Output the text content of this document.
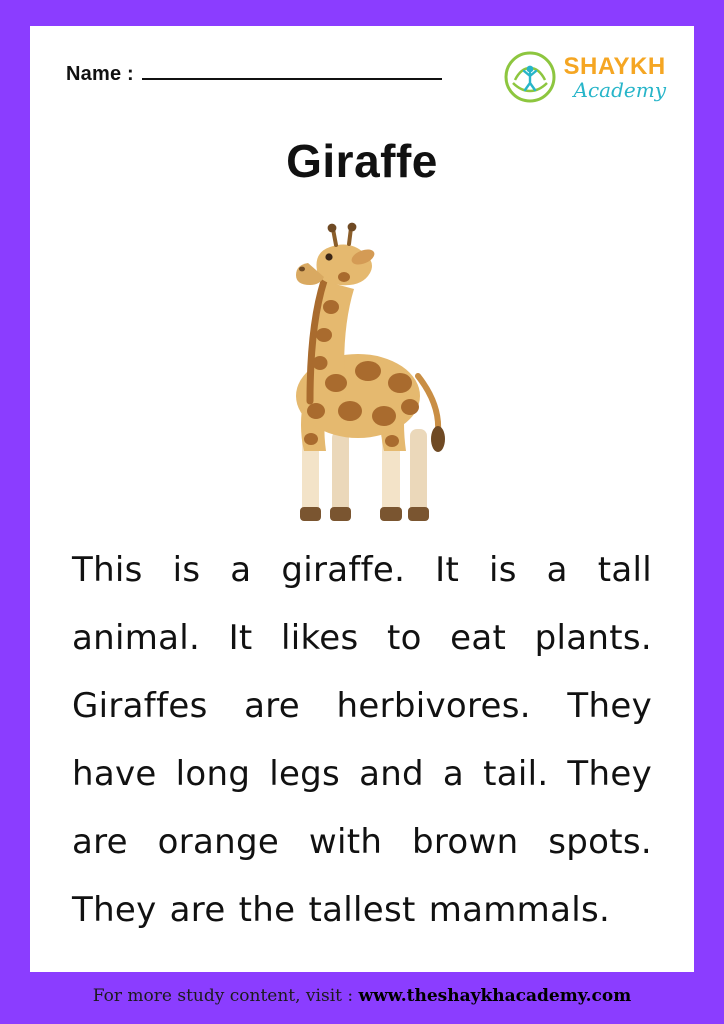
Name :	SHAYKH
Academy
Giraffe
This is a giraffe. It is a tall animal. It likes to eat plants. Giraffes are herbivores. They have long legs and a tail. They are orange with brown spots. They are the tallest mammals.
For more study content, visit : www.theshaykhacademy.com
